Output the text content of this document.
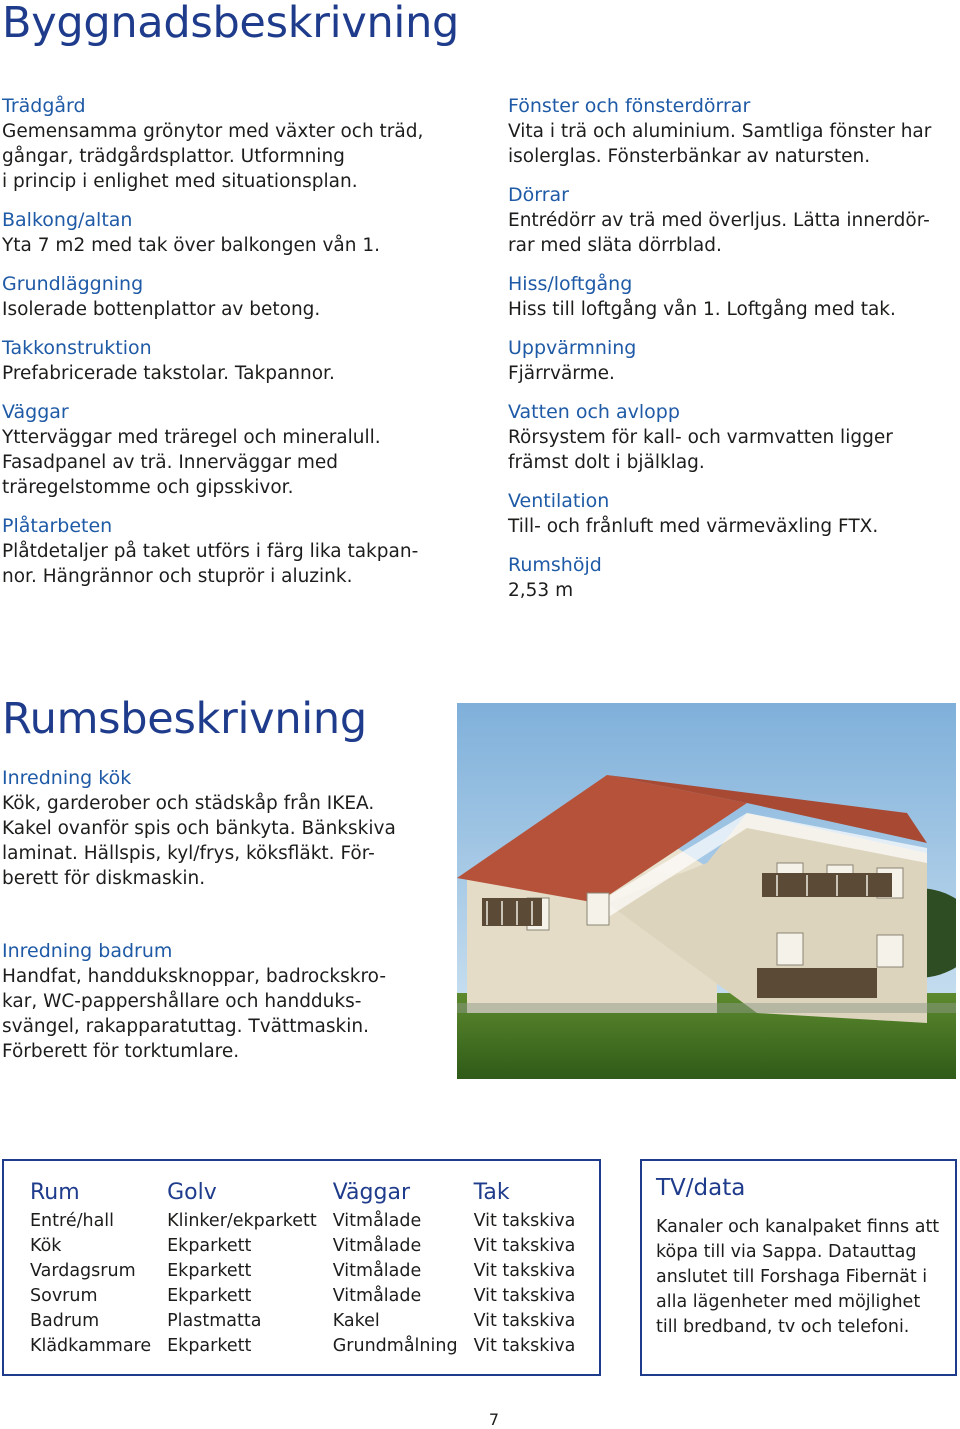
Byggnadsbeskrivning
Trädgård

Gemensamma grönytor med växter och träd,
gångar, trädgårdsplattor. Utformning
i princip i enlighet med situationsplan.

Balkong/altan

Yta 7 m2 med tak över balkongen vån 1.

Grundläggning

Isolerade bottenplattor av betong.

Takkonstruktion

Prefabricerade takstolar. Takpannor.

Väggar

Ytterväggar med träregel och mineralull.
Fasadpanel av trä. Innerväggar med
träregelstomme och gipsskivor.

Plåtarbeten

Plåtdetaljer på taket utförs i färg lika takpan-
nor. Hängrännor och stuprör i aluzink.

Fönster och fönsterdörrar

Vita i trä och aluminium. Samtliga fönster har
isolerglas. Fönsterbänkar av natursten.

Dörrar

Entrédörr av trä med överljus. Lätta innerdör-
rar med släta dörrblad.

Hiss/loftgång

Hiss till loftgång vån 1. Loftgång med tak.

Uppvärmning

Fjärrvärme.

Vatten och avlopp

Rörsystem för kall- och varmvatten ligger
främst dolt i bjälklag.

Ventilation

Till- och frånluft med värmeväxling FTX.

Rumshöjd

2,53 m

Rumsbeskrivning
Inredning kök

Kök, garderober och städskåp från IKEA.
Kakel ovanför spis och bänkyta. Bänkskiva
laminat. Hällspis, kyl/frys, köksfläkt. För-
berett för diskmaskin.

Inredning badrum

Handfat, handduksknoppar, badrockskro-
kar, WC-pappershållare och handduks-
svängel, rakapparatuttag. Tvättmaskin.
Förberett för torktumlare.

Rum	Golv	Väggar	Tak
Entré/hall	Klinker/ekparkett	Vitmålade	Vit takskiva
Kök	Ekparkett	Vitmålade	Vit takskiva
Vardagsrum	Ekparkett	Vitmålade	Vit takskiva
Sovrum	Ekparkett	Vitmålade	Vit takskiva
Badrum	Plastmatta	Kakel	Vit takskiva
Klädkammare	Ekparkett	Grundmålning	Vit takskiva
TV/data

Kanaler och kanalpaket finns att
köpa till via Sappa. Datauttag
anslutet till Forshaga Fibernät i
alla lägenheter med möjlighet
till bredband, tv och telefoni.

7
